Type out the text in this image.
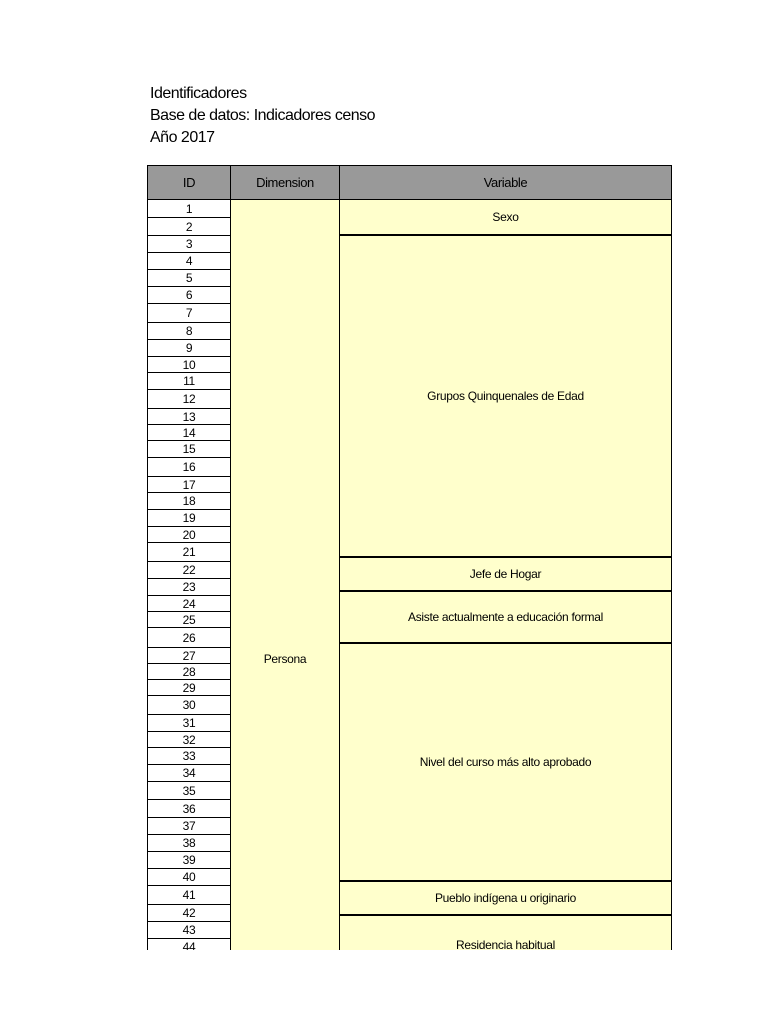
Identificadores
Base de datos: Indicadores censo
Año 2017
ID	Dimension	Variable
1
2
3
4
5
6
7
8
9
10
11
12
13
14
15
16
17
18
19
20
21
22
23
24
25
26
27
28
29
30
31
32
33
34
35
36
37
38
39
40
41
42
43
44
Persona
Sexo
Grupos Quinquenales de Edad
Jefe de Hogar
Asiste actualmente a educación formal
Nivel del curso más alto aprobado
Pueblo indígena u originario
Residencia habitual
